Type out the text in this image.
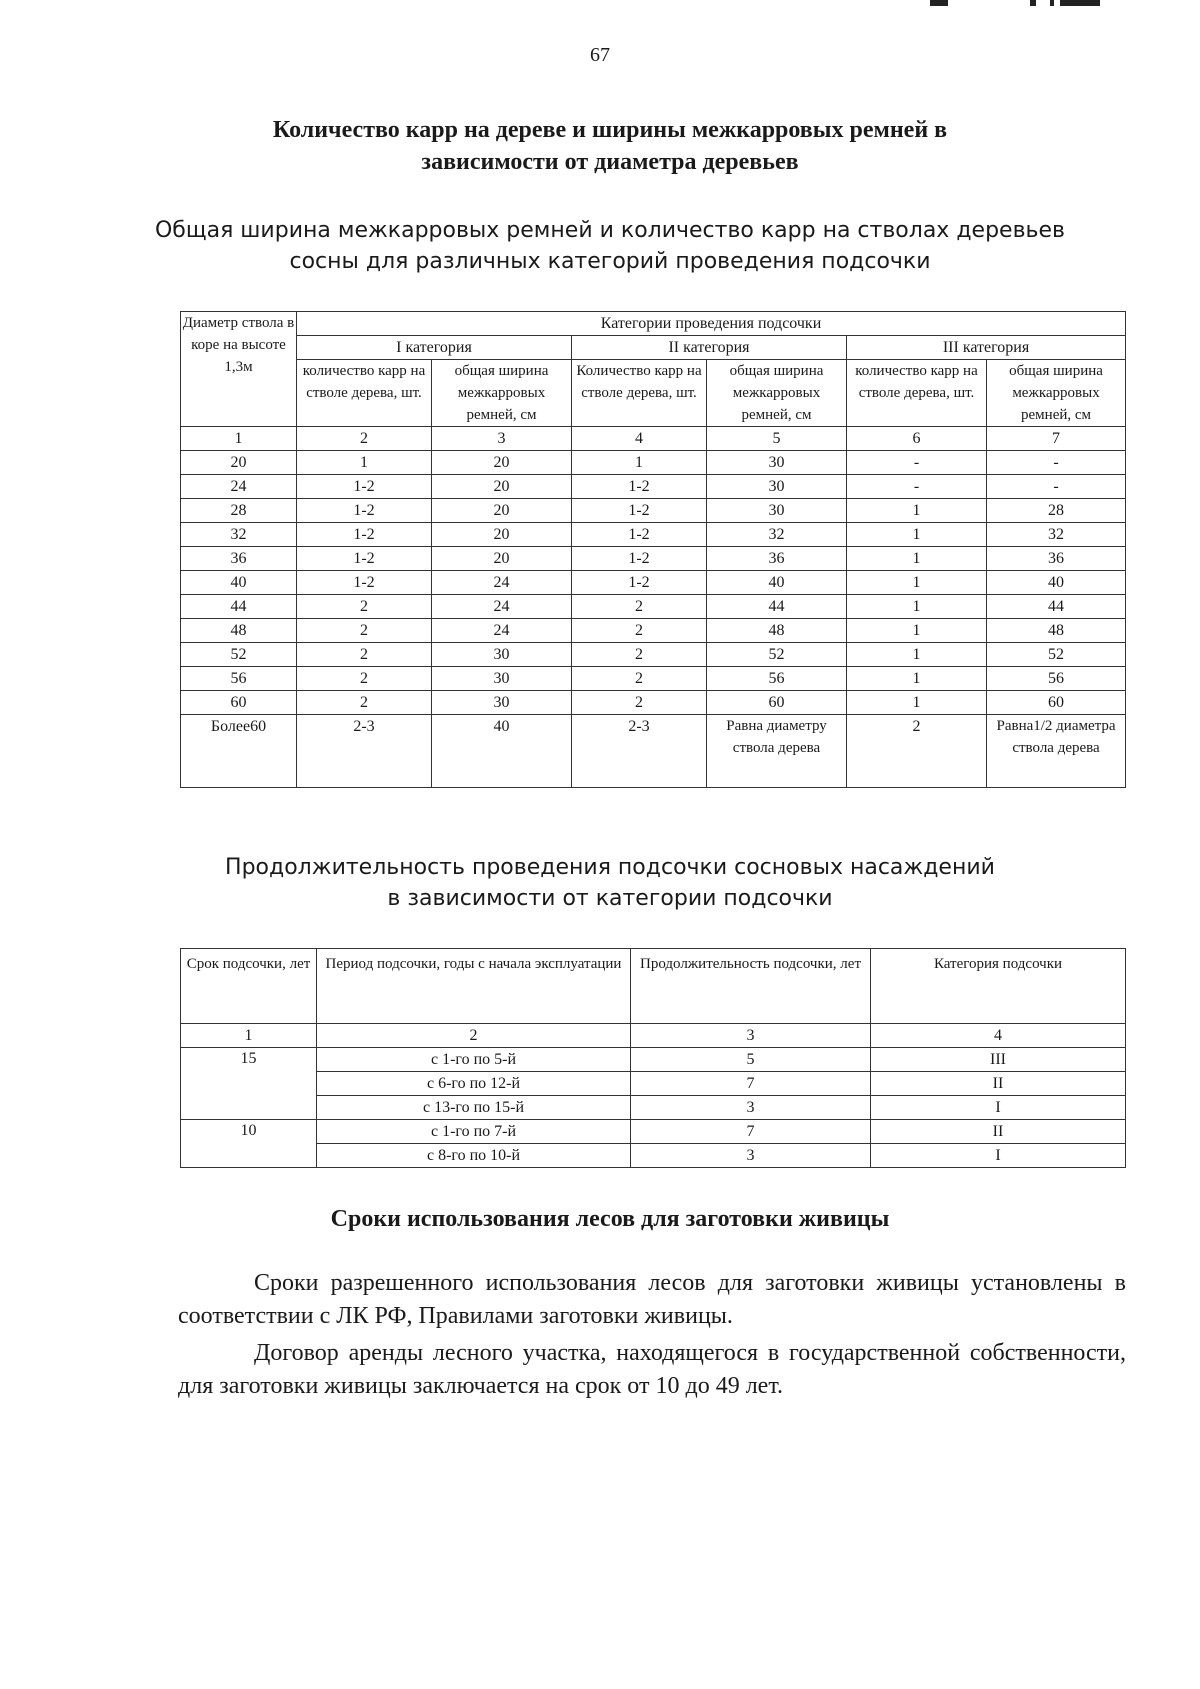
67
Количество карр на дереве и ширины межкарровых ремней в
зависимости от диаметра деревьев
Общая ширина межкарровых ремней и количество карр на стволах деревьев
сосны для различных категорий проведения подсочки
Диаметр ствола в коре на высоте 1,3м	Категории проведения подсочки					
	I категория		II категория		III категория	
	количество карр на стволе дерева, шт.	общая ширина межкарровых ремней, см	Количество карр на стволе дерева, шт.	общая ширина межкарровых ремней, см	количество карр на стволе дерева, шт.	общая ширина межкарровых ремней, см
1	2	3	4	5	6	7
20	1	20	1	30	-	-
24	1-2	20	1-2	30	-	-
28	1-2	20	1-2	30	1	28
32	1-2	20	1-2	32	1	32
36	1-2	20	1-2	36	1	36
40	1-2	24	1-2	40	1	40
44	2	24	2	44	1	44
48	2	24	2	48	1	48
52	2	30	2	52	1	52
56	2	30	2	56	1	56
60	2	30	2	60	1	60
Более60	2-3	40	2-3	Равна диаметру ствола дерева	2	Равна1/2 диаметра ствола дерева
Продолжительность проведения подсочки сосновых насаждений
в зависимости от категории подсочки
Срок подсочки, лет	Период подсочки, годы с начала эксплуатации	Продолжительность подсочки, лет	Категория подсочки
1	2	3	4
15	с 1-го по 5-й	5	III
	с 6-го по 12-й	7	II
	с 13-го по 15-й	3	I
10	с 1-го по 7-й	7	II
	с 8-го по 10-й	3	I
Сроки использования лесов для заготовки живицы
Сроки разрешенного использования лесов для заготовки живицы установлены в соответствии с ЛК РФ, Правилами заготовки живицы.
Договор аренды лесного участка, находящегося в государственной собственности, для заготовки живицы заключается на срок от 10 до 49 лет.
